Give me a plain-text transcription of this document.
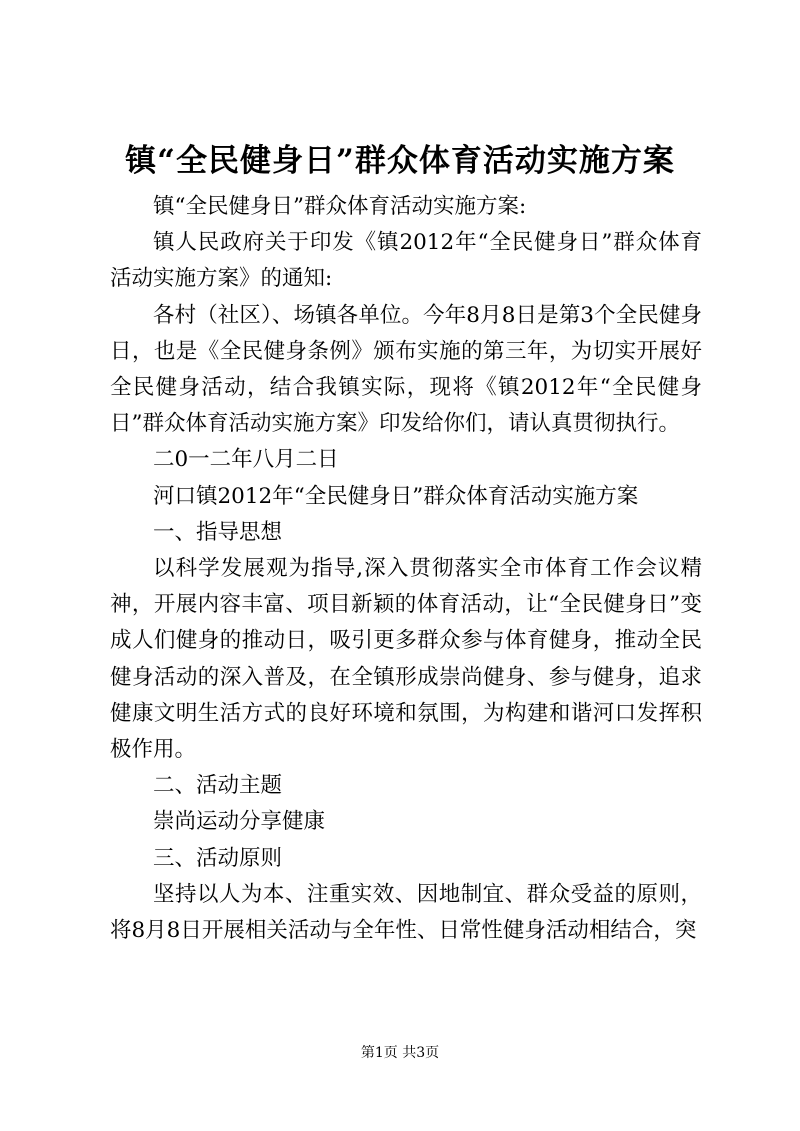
镇“全民健身日”群众体育活动实施方案

镇“全民健身日”群众体育活动实施方案:

镇人民政府关于印发《镇2012年“全民健身日”群众体育活动实施方案》的通知:

各村（社区）、场镇各单位。今年8月8日是第3个全民健身日，也是《全民健身条例》颁布实施的第三年，为切实开展好全民健身活动，结合我镇实际，现将《镇2012年“全民健身日”群众体育活动实施方案》印发给你们，请认真贯彻执行。

二0一二年八月二日

河口镇2012年“全民健身日”群众体育活动实施方案

一、指导思想

以科学发展观为指导,深入贯彻落实全市体育工作会议精神，开展内容丰富、项目新颖的体育活动，让“全民健身日”变成人们健身的推动日，吸引更多群众参与体育健身，推动全民健身活动的深入普及，在全镇形成崇尚健身、参与健身，追求健康文明生活方式的良好环境和氛围，为构建和谐河口发挥积极作用。

二、活动主题

崇尚运动分享健康

三、活动原则

坚持以人为本、注重实效、因地制宜、群众受益的原则，将8月8日开展相关活动与全年性、日常性健身活动相结合，突

第1页 共3页
